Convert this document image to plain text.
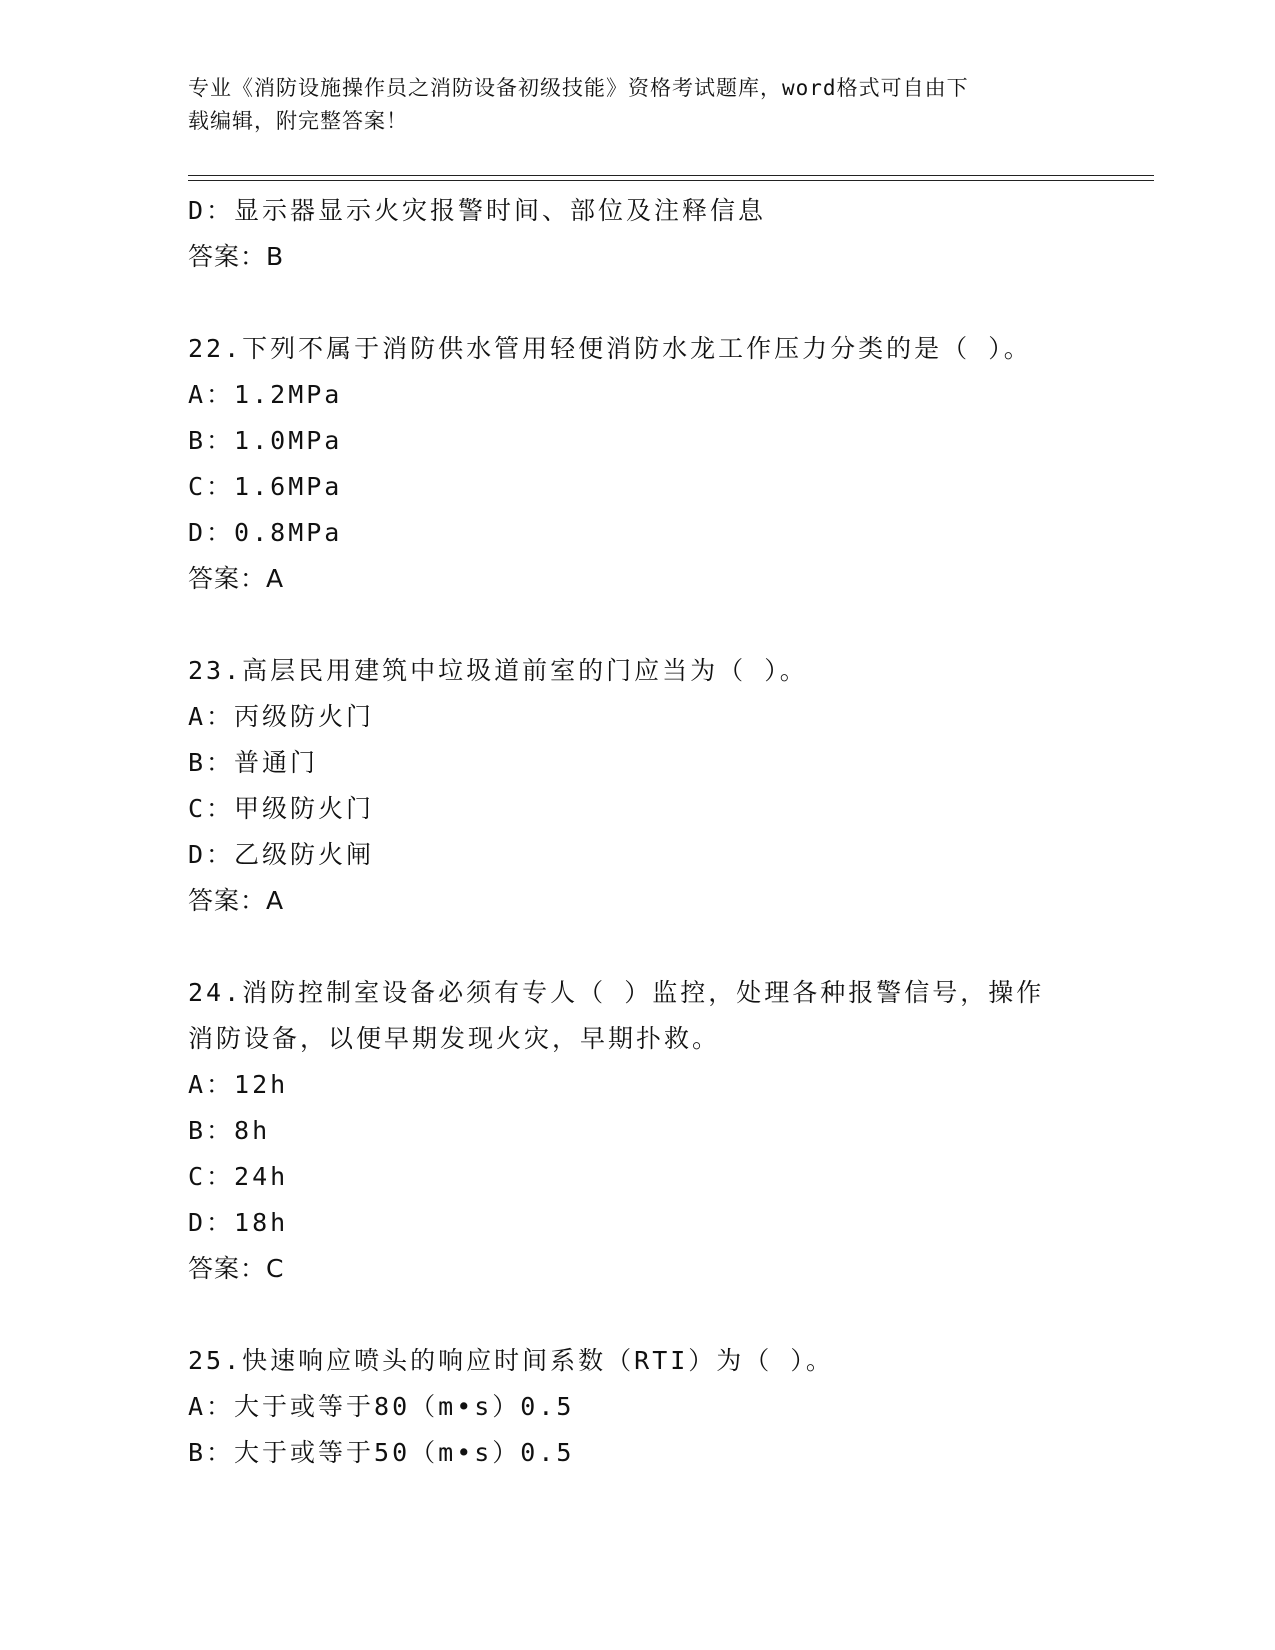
专业《消防设施操作员之消防设备初级技能》资格考试题库，word格式可自由下
载编辑，附完整答案！
D：显示器显示火灾报警时间、部位及注释信息
答案：B
22.下列不属于消防供水管用轻便消防水龙工作压力分类的是（ ）。
A：1.2MPa
B：1.0MPa
C：1.6MPa
D：0.8MPa
答案：A
23.高层民用建筑中垃圾道前室的门应当为（ ）。
A：丙级防火门
B：普通门
C：甲级防火门
D：乙级防火闸
答案：A
24.消防控制室设备必须有专人（ ）监控，处理各种报警信号，操作
消防设备，以便早期发现火灾，早期扑救。
A：12h
B：8h
C：24h
D：18h
答案：C
25.快速响应喷头的响应时间系数（RTI）为（ ）。
A：大于或等于80（m•s）0.5
B：大于或等于50（m•s）0.5
